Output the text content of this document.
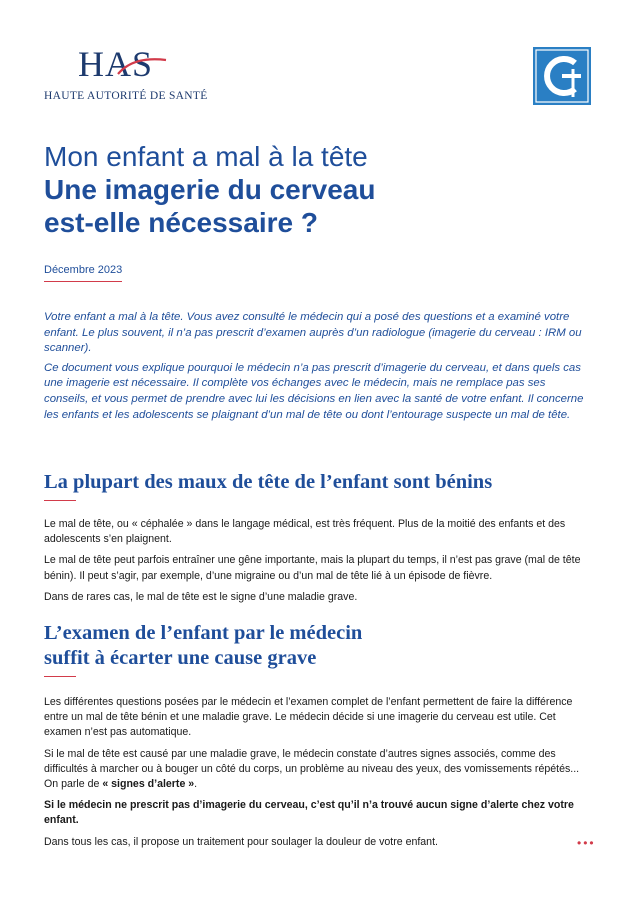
HAS
HAUTE AUTORITÉ DE SANTÉ
Mon enfant a mal à la tête
Une imagerie du cerveau
est-elle nécessaire ?
Décembre 2023

Votre enfant a mal à la tête. Vous avez consulté le médecin qui a posé des questions et a examiné votre enfant. Le plus souvent, il n’a pas prescrit d’examen auprès d’un radiologue (imagerie du cerveau : IRM ou scanner).

Ce document vous explique pourquoi le médecin n’a pas prescrit d’imagerie du cerveau, et dans quels cas une imagerie est nécessaire. Il complète vos échanges avec le médecin, mais ne remplace pas ses conseils, et vous permet de prendre avec lui les décisions en lien avec la santé de votre enfant. Il concerne les enfants et les adolescents se plaignant d’un mal de tête ou dont l’entourage suspecte un mal de tête.

La plupart des maux de tête de l’enfant sont bénins

Le mal de tête, ou « céphalée » dans le langage médical, est très fréquent. Plus de la moitié des enfants et des adolescents s’en plaignent.

Le mal de tête peut parfois entraîner une gêne importante, mais la plupart du temps, il n’est pas grave (mal de tête bénin). Il peut s’agir, par exemple, d’une migraine ou d’un mal de tête lié à un épisode de fièvre.

Dans de rares cas, le mal de tête est le signe d’une maladie grave.

L’examen de l’enfant par le médecin
suffit à écarter une cause grave

Les différentes questions posées par le médecin et l’examen complet de l’enfant permettent de faire la différence entre un mal de tête bénin et une maladie grave. Le médecin décide si une imagerie du cerveau est utile. Cet examen n’est pas automatique.

Si le mal de tête est causé par une maladie grave, le médecin constate d’autres signes associés, comme des difficultés à marcher ou à bouger un côté du corps, un problème au niveau des yeux, des vomissements répétés... On parle de « signes d’alerte ».

Si le médecin ne prescrit pas d’imagerie du cerveau, c’est qu’il n’a trouvé aucun signe d’alerte chez votre enfant.

Dans tous les cas, il propose un traitement pour soulager la douleur de votre enfant.	•••
